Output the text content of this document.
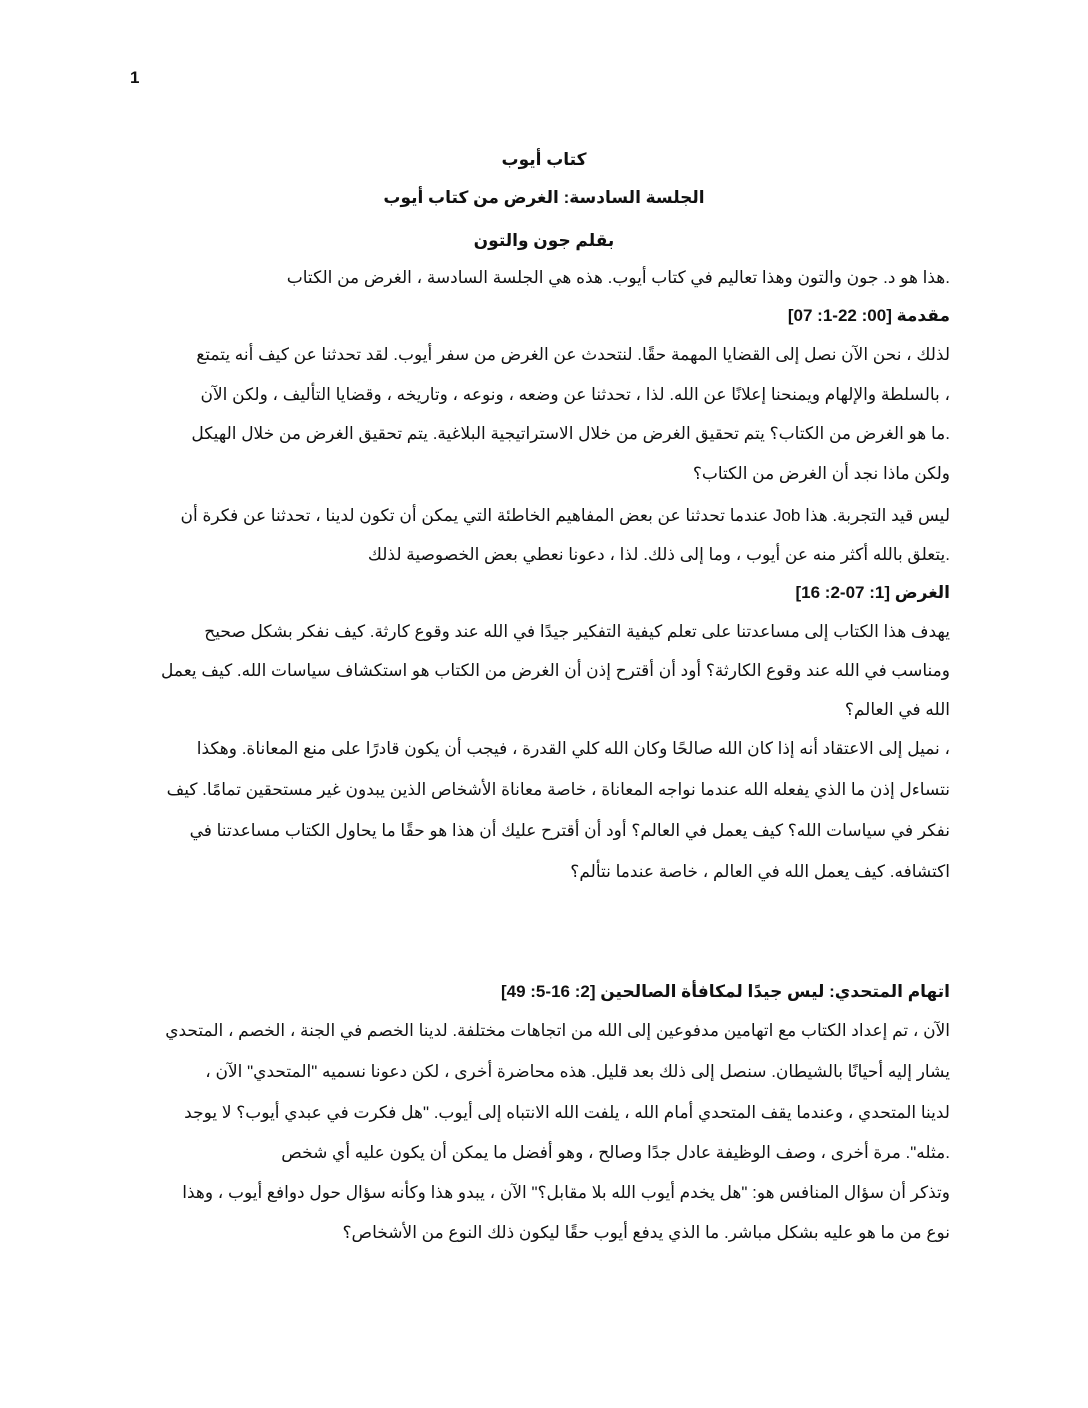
1
كتاب أيوب
الجلسة السادسة: الغرض من كتاب أيوب
بقلم جون والتون
.هذا هو د. جون والتون وهذا تعاليم في كتاب أيوب. هذه هي الجلسة السادسة ، الغرض من الكتاب
مقدمة [00: 22-1: 07]
لذلك ، نحن الآن نصل إلى القضايا المهمة حقًا. لنتحدث عن الغرض من سفر أيوب. لقد تحدثنا عن كيف أنه يتمتع
، بالسلطة والإلهام ويمنحنا إعلانًا عن الله. لذا ، تحدثنا عن وضعه ، ونوعه ، وتاريخه ، وقضايا التأليف ، ولكن الآن
.ما هو الغرض من الكتاب؟ يتم تحقيق الغرض من خلال الاستراتيجية البلاغية. يتم تحقيق الغرض من خلال الهيكل
ولكن ماذا نجد أن الغرض من الكتاب؟
ليس قيد التجربة. هذا Job عندما تحدثنا عن بعض المفاهيم الخاطئة التي يمكن أن تكون لدينا ، تحدثنا عن فكرة أن
.يتعلق بالله أكثر منه عن أيوب ، وما إلى ذلك. لذا ، دعونا نعطي بعض الخصوصية لذلك
الغرض [1: 07-2: 16]
يهدف هذا الكتاب إلى مساعدتنا على تعلم كيفية التفكير جيدًا في الله عند وقوع كارثة. كيف نفكر بشكل صحيح
ومناسب في الله عند وقوع الكارثة؟ أود أن أقترح إذن أن الغرض من الكتاب هو استكشاف سياسات الله. كيف يعمل
الله في العالم؟
، نميل إلى الاعتقاد أنه إذا كان الله صالحًا وكان الله كلي القدرة ، فيجب أن يكون قادرًا على منع المعاناة. وهكذا
نتساءل إذن ما الذي يفعله الله عندما نواجه المعاناة ، خاصة معاناة الأشخاص الذين يبدون غير مستحقين تمامًا. كيف
نفكر في سياسات الله؟ كيف يعمل في العالم؟ أود أن أقترح عليك أن هذا هو حقًا ما يحاول الكتاب مساعدتنا في
اكتشافه. كيف يعمل الله في العالم ، خاصة عندما نتألم؟
اتهام المتحدي: ليس جيدًا لمكافأة الصالحين [2: 16-5: 49]
الآن ، تم إعداد الكتاب مع اتهامين مدفوعين إلى الله من اتجاهات مختلفة. لدينا الخصم في الجنة ، الخصم ، المتحدي
يشار إليه أحيانًا بالشيطان. سنصل إلى ذلك بعد قليل. هذه محاضرة أخرى ، لكن دعونا نسميه "المتحدي" الآن ،
لدينا المتحدي ، وعندما يقف المتحدي أمام الله ، يلفت الله الانتباه إلى أيوب. "هل فكرت في عبدي أيوب؟ لا يوجد
.مثله". مرة أخرى ، وصف الوظيفة عادل جدًا وصالح ، وهو أفضل ما يمكن أن يكون عليه أي شخص
وتذكر أن سؤال المنافس هو: "هل يخدم أيوب الله بلا مقابل؟" الآن ، يبدو هذا وكأنه سؤال حول دوافع أيوب ، وهذا
نوع من ما هو عليه بشكل مباشر. ما الذي يدفع أيوب حقًا ليكون ذلك النوع من الأشخاص؟
